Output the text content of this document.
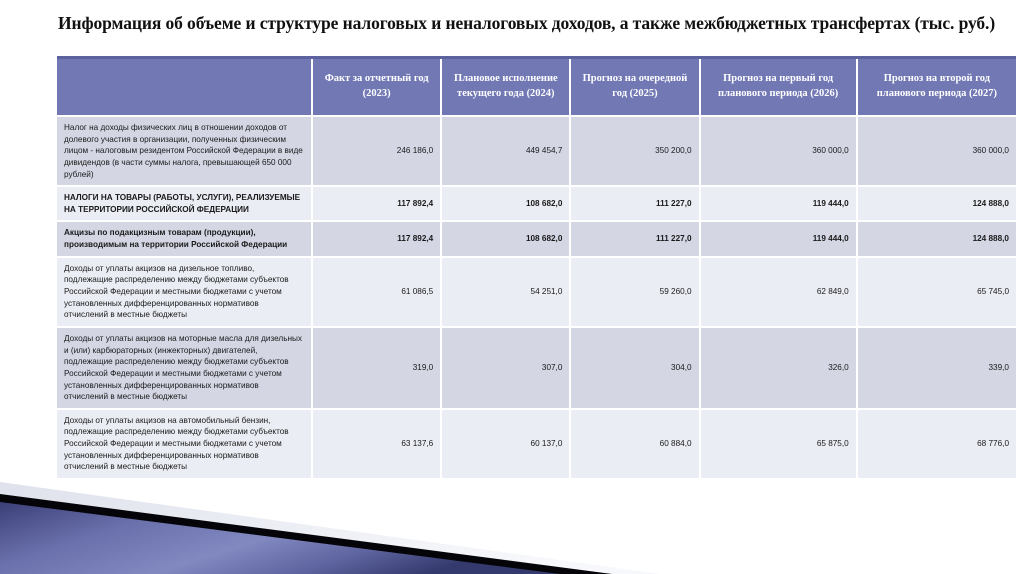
Информация об объеме и структуре налоговых и неналоговых доходов, а также межбюджетных трансфертах (тыс. руб.)
	Факт за отчетный год (2023)	Плановое исполнение текущего года (2024)	Прогноз на очередной год (2025)	Прогноз на первый год планового периода (2026)	Прогноз на второй год планового периода (2027)
Налог на доходы физических лиц в отношении доходов от долевого участия в организации, полученных физическим лицом - налоговым резидентом Российской Федерации в виде дивидендов (в части суммы налога, превышающей 650 000 рублей)	246 186,0	449 454,7	350 200,0	360 000,0	360 000,0
НАЛОГИ НА ТОВАРЫ (РАБОТЫ, УСЛУГИ), РЕАЛИЗУЕМЫЕ НА ТЕРРИТОРИИ РОССИЙСКОЙ ФЕДЕРАЦИИ	117 892,4	108 682,0	111 227,0	119 444,0	124 888,0
Акцизы по подакцизным товарам (продукции), производимым на территории Российской Федерации	117 892,4	108 682,0	111 227,0	119 444,0	124 888,0
Доходы от уплаты акцизов на дизельное топливо, подлежащие распределению между бюджетами субъектов Российской Федерации и местными бюджетами с учетом установленных дифференцированных нормативов отчислений в местные бюджеты	61 086,5	54 251,0	59 260,0	62 849,0	65 745,0
Доходы от уплаты акцизов на моторные масла для дизельных и (или) карбюраторных (инжекторных) двигателей, подлежащие распределению между бюджетами субъектов Российской Федерации и местными бюджетами с учетом установленных дифференцированных нормативов отчислений в местные бюджеты	319,0	307,0	304,0	326,0	339,0
Доходы от уплаты акцизов на автомобильный бензин, подлежащие распределению между бюджетами субъектов Российской Федерации и местными бюджетами с учетом установленных дифференцированных нормативов отчислений в местные бюджеты	63 137,6	60 137,0	60 884,0	65 875,0	68 776,0
